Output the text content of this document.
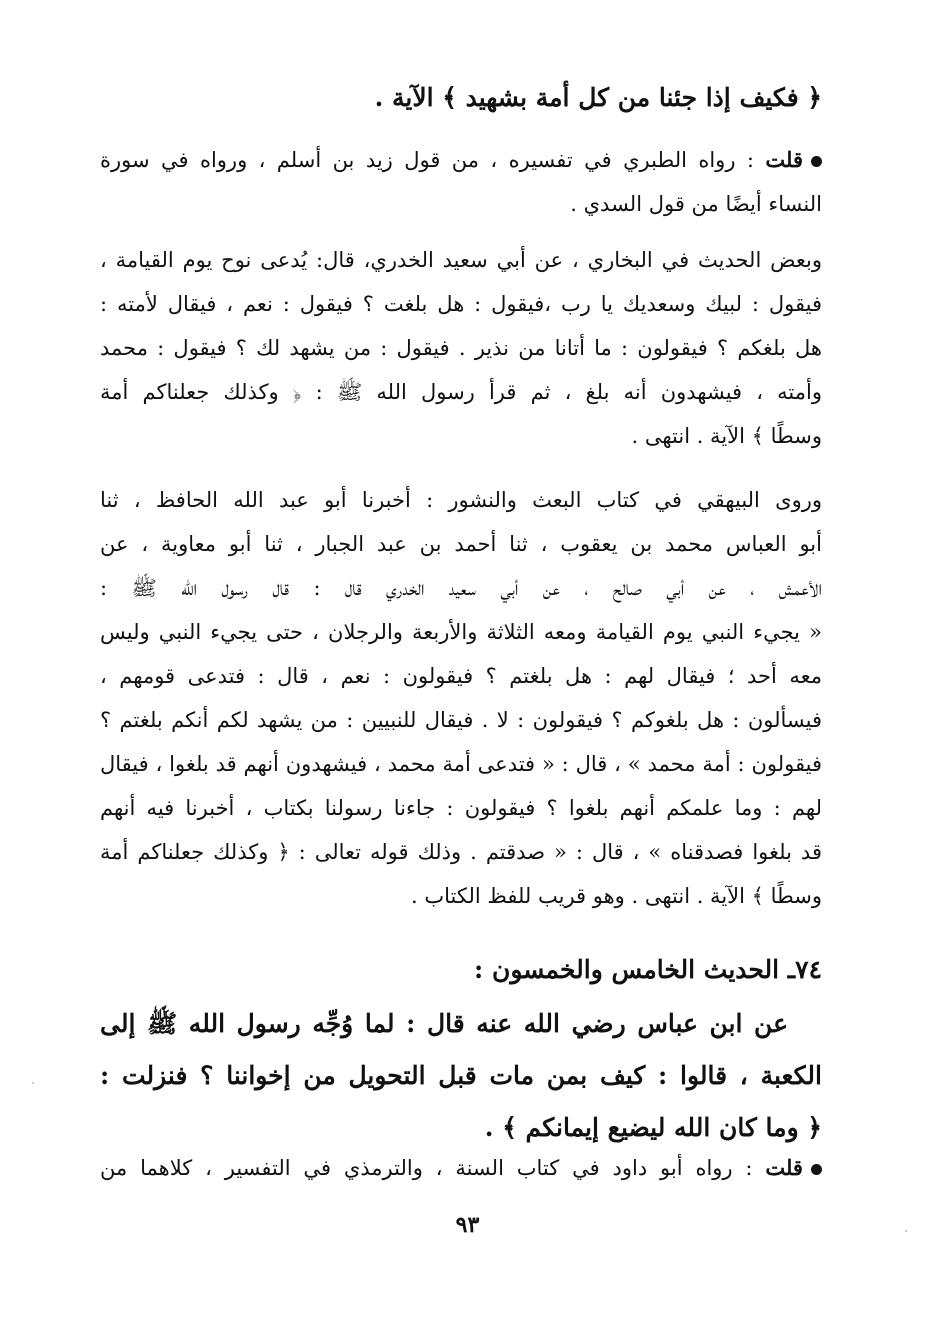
﴿ فكيف إذا جئنا من كل أمة بشهيد ﴾ الآية .
قلت : رواه الطبري في تفسيره ، من قول زيد بن أسلم ، ورواه في سورة
النساء أيضًا من قول السدي .
وبعض الحديث في البخاري ، عن أبي سعيد الخدري، قال: يُدعى نوح يوم القيامة ،
فيقول : لبيك وسعديك يا رب ،فيقول : هل بلغت ؟ فيقول : نعم ، فيقال لأمته :
هل بلغكم ؟ فيقولون : ما أتانا من نذير . فيقول : من يشهد لك ؟ فيقول : محمد
وأمته ، فيشهدون أنه بلغ ، ثم قرأ رسول الله ﷺ : ﴿ وكذلك جعلناكم أمة
وسطًا ﴾ الآية . انتهى .
وروى البيهقي في كتاب البعث والنشور : أخبرنا أبو عبد الله الحافظ ، ثنا
أبو العباس محمد بن يعقوب ، ثنا أحمد بن عبد الجبار ، ثنا أبو معاوية ، عن
الأعمش ، عن أبي صالح ، عن أبي سعيد الخدري قال : قال رسول الله ﷺ :
« يجيء النبي يوم القيامة ومعه الثلاثة والأربعة والرجلان ، حتى يجيء النبي وليس
معه أحد ؛ فيقال لهم : هل بلغتم ؟ فيقولون : نعم ، قال : فتدعى قومهم ،
فيسألون : هل بلغوكم ؟ فيقولون : لا . فيقال للنبيين : من يشهد لكم أنكم بلغتم ؟
فيقولون : أمة محمد » ، قال : « فتدعى أمة محمد ، فيشهدون أنهم قد بلغوا ، فيقال
لهم : وما علمكم أنهم بلغوا ؟ فيقولون : جاءنا رسولنا بكتاب ، أخبرنا فيه أنهم
قد بلغوا فصدقناه » ، قال : « صدقتم . وذلك قوله تعالى : ﴿ وكذلك جعلناكم أمة
وسطًا ﴾ الآية . انتهى . وهو قريب للفظ الكتاب .
٧٤ـ الحديث الخامس والخمسون :
عن ابن عباس رضي الله عنه قال : لما وُجِّه رسول الله ﷺ إلى
الكعبة ، قالوا : كيف بمن مات قبل التحويل من إخواننا ؟ فنزلت :
﴿ وما كان الله ليضيع إيمانكم ﴾ .
قلت : رواه أبو داود في كتاب السنة ، والترمذي في التفسير ، كلاهما من
٩٣
